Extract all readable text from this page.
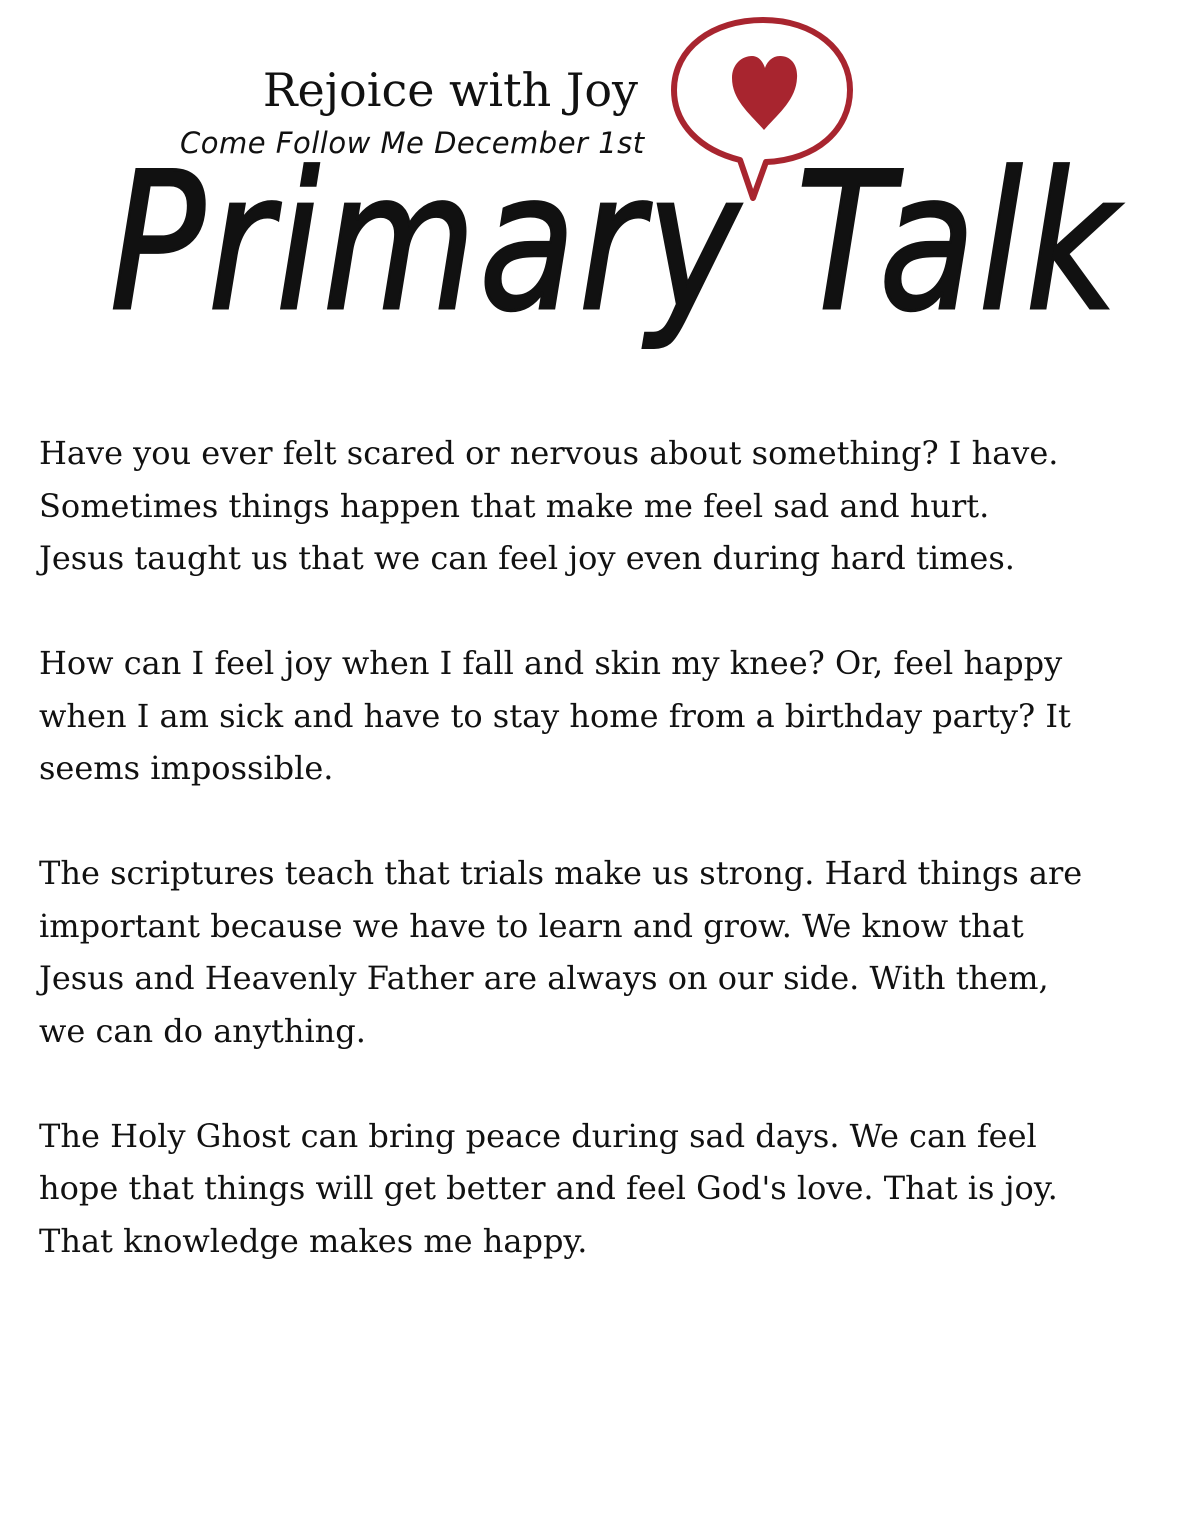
Rejoice with Joy
Come Follow Me December 1st
Primary Talk

Have you ever felt scared or nervous about something? I have.
Sometimes things happen that make me feel sad and hurt.
Jesus taught us that we can feel joy even during hard times.

How can I feel joy when I fall and skin my knee? Or, feel happy
when I am sick and have to stay home from a birthday party? It
seems impossible.

The scriptures teach that trials make us strong. Hard things are
important because we have to learn and grow. We know that
Jesus and Heavenly Father are always on our side. With them,
we can do anything.

The Holy Ghost can bring peace during sad days. We can feel
hope that things will get better and feel God's love. That is joy.
That knowledge makes me happy.
